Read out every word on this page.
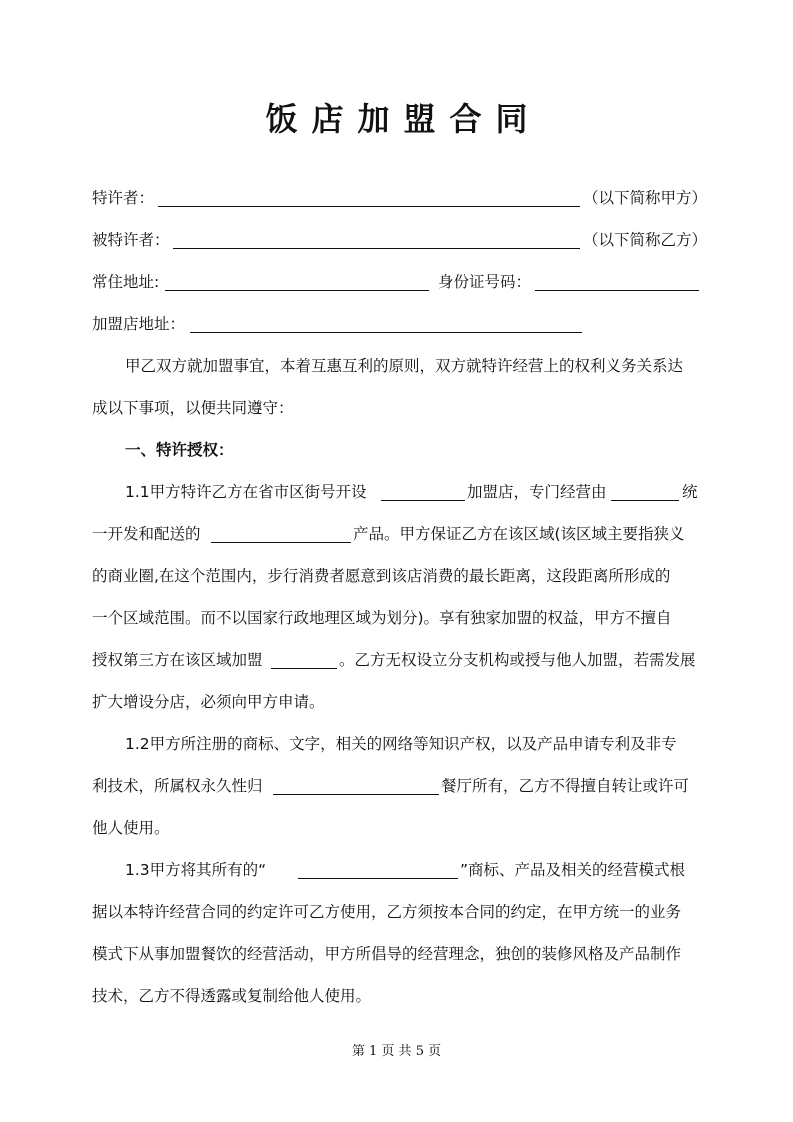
饭店加盟合同
特许者：	（以下简称甲方）
被特许者：	（以下简称乙方）
常住地址:	身份证号码：
加盟店地址：
甲乙双方就加盟事宜，本着互惠互利的原则，双方就特许经营上的权利义务关系达
成以下事项，以便共同遵守：
一、特许授权：
1.1甲方特许乙方在省市区街号开设	加盟店，专门经营由	统
一开发和配送的	产品。甲方保证乙方在该区域(该区域主要指狭义
的商业圈,在这个范围内，步行消费者愿意到该店消费的最长距离，这段距离所形成的
一个区域范围。而不以国家行政地理区域为划分)。享有独家加盟的权益，甲方不擅自
授权第三方在该区域加盟	。乙方无权设立分支机构或授与他人加盟，若需发展
扩大增设分店，必须向甲方申请。
1.2甲方所注册的商标、文字，相关的网络等知识产权，以及产品申请专利及非专
利技术，所属权永久性归	餐厅所有，乙方不得擅自转让或许可
他人使用。
1.3甲方将其所有的“	”商标、产品及相关的经营模式根
据以本特许经营合同的约定许可乙方使用，乙方须按本合同的约定，在甲方统一的业务
模式下从事加盟餐饮的经营活动，甲方所倡导的经营理念，独创的装修风格及产品制作
技术，乙方不得透露或复制给他人使用。
第 1 页 共 5 页
